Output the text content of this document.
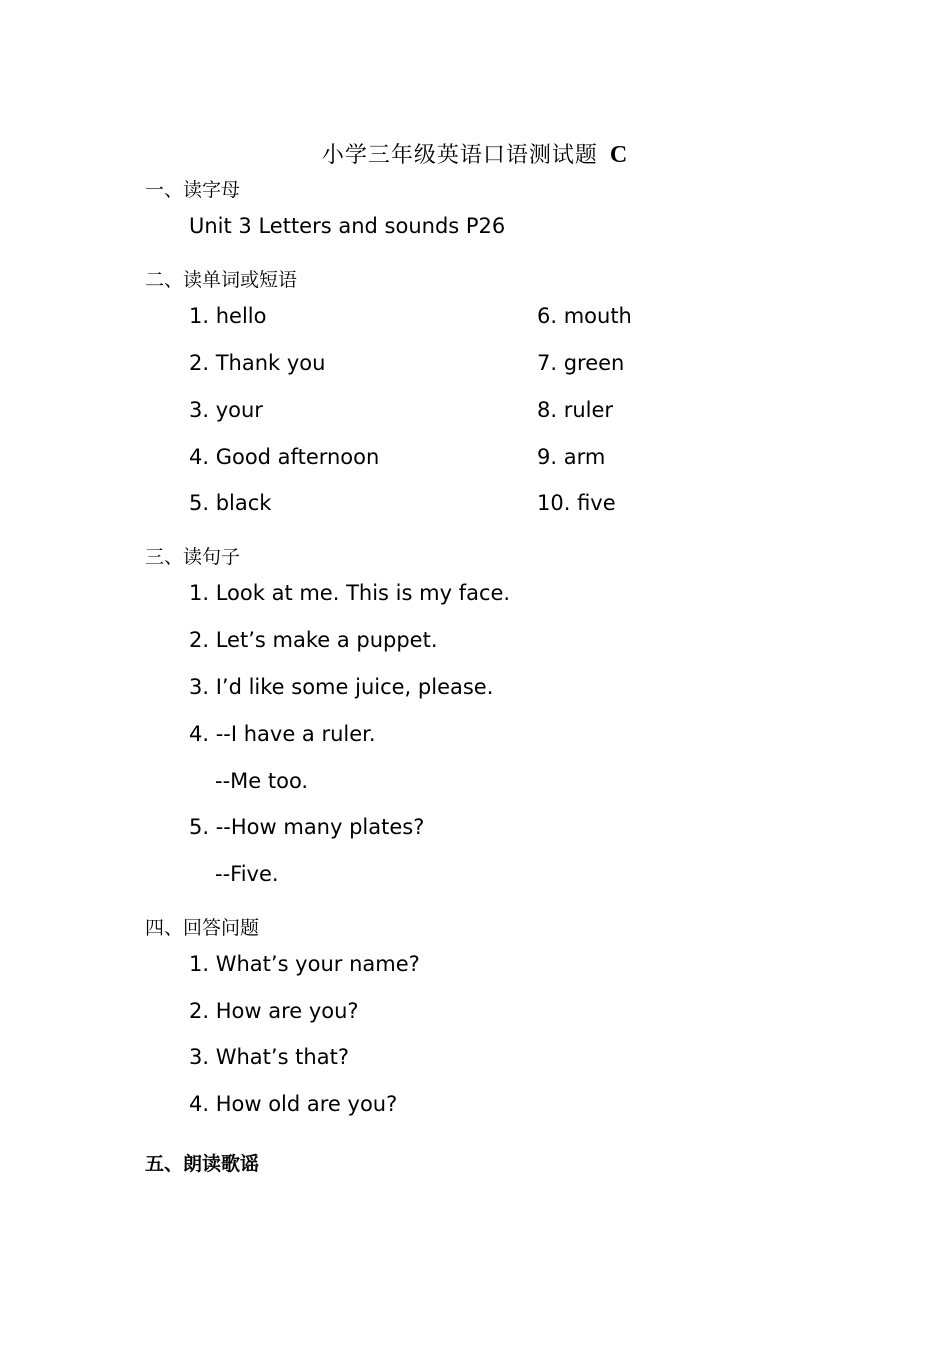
小学三年级英语口语测试题 C
一、读字母
Unit 3 Letters and sounds P26
二、读单词或短语
1. hello
2. Thank you
3. your
4. Good afternoon
5. black
6. mouth
7. green
8. ruler
9. arm
10. five
三、读句子
1. Look at me. This is my face.
2. Let’s make a puppet.
3. I’d like some juice, please.
4. --I have a ruler.
--Me too.
5. --How many plates?
--Five.
四、回答问题
1. What’s your name?
2. How are you?
3. What’s that?
4. How old are you?
五、朗读歌谣
